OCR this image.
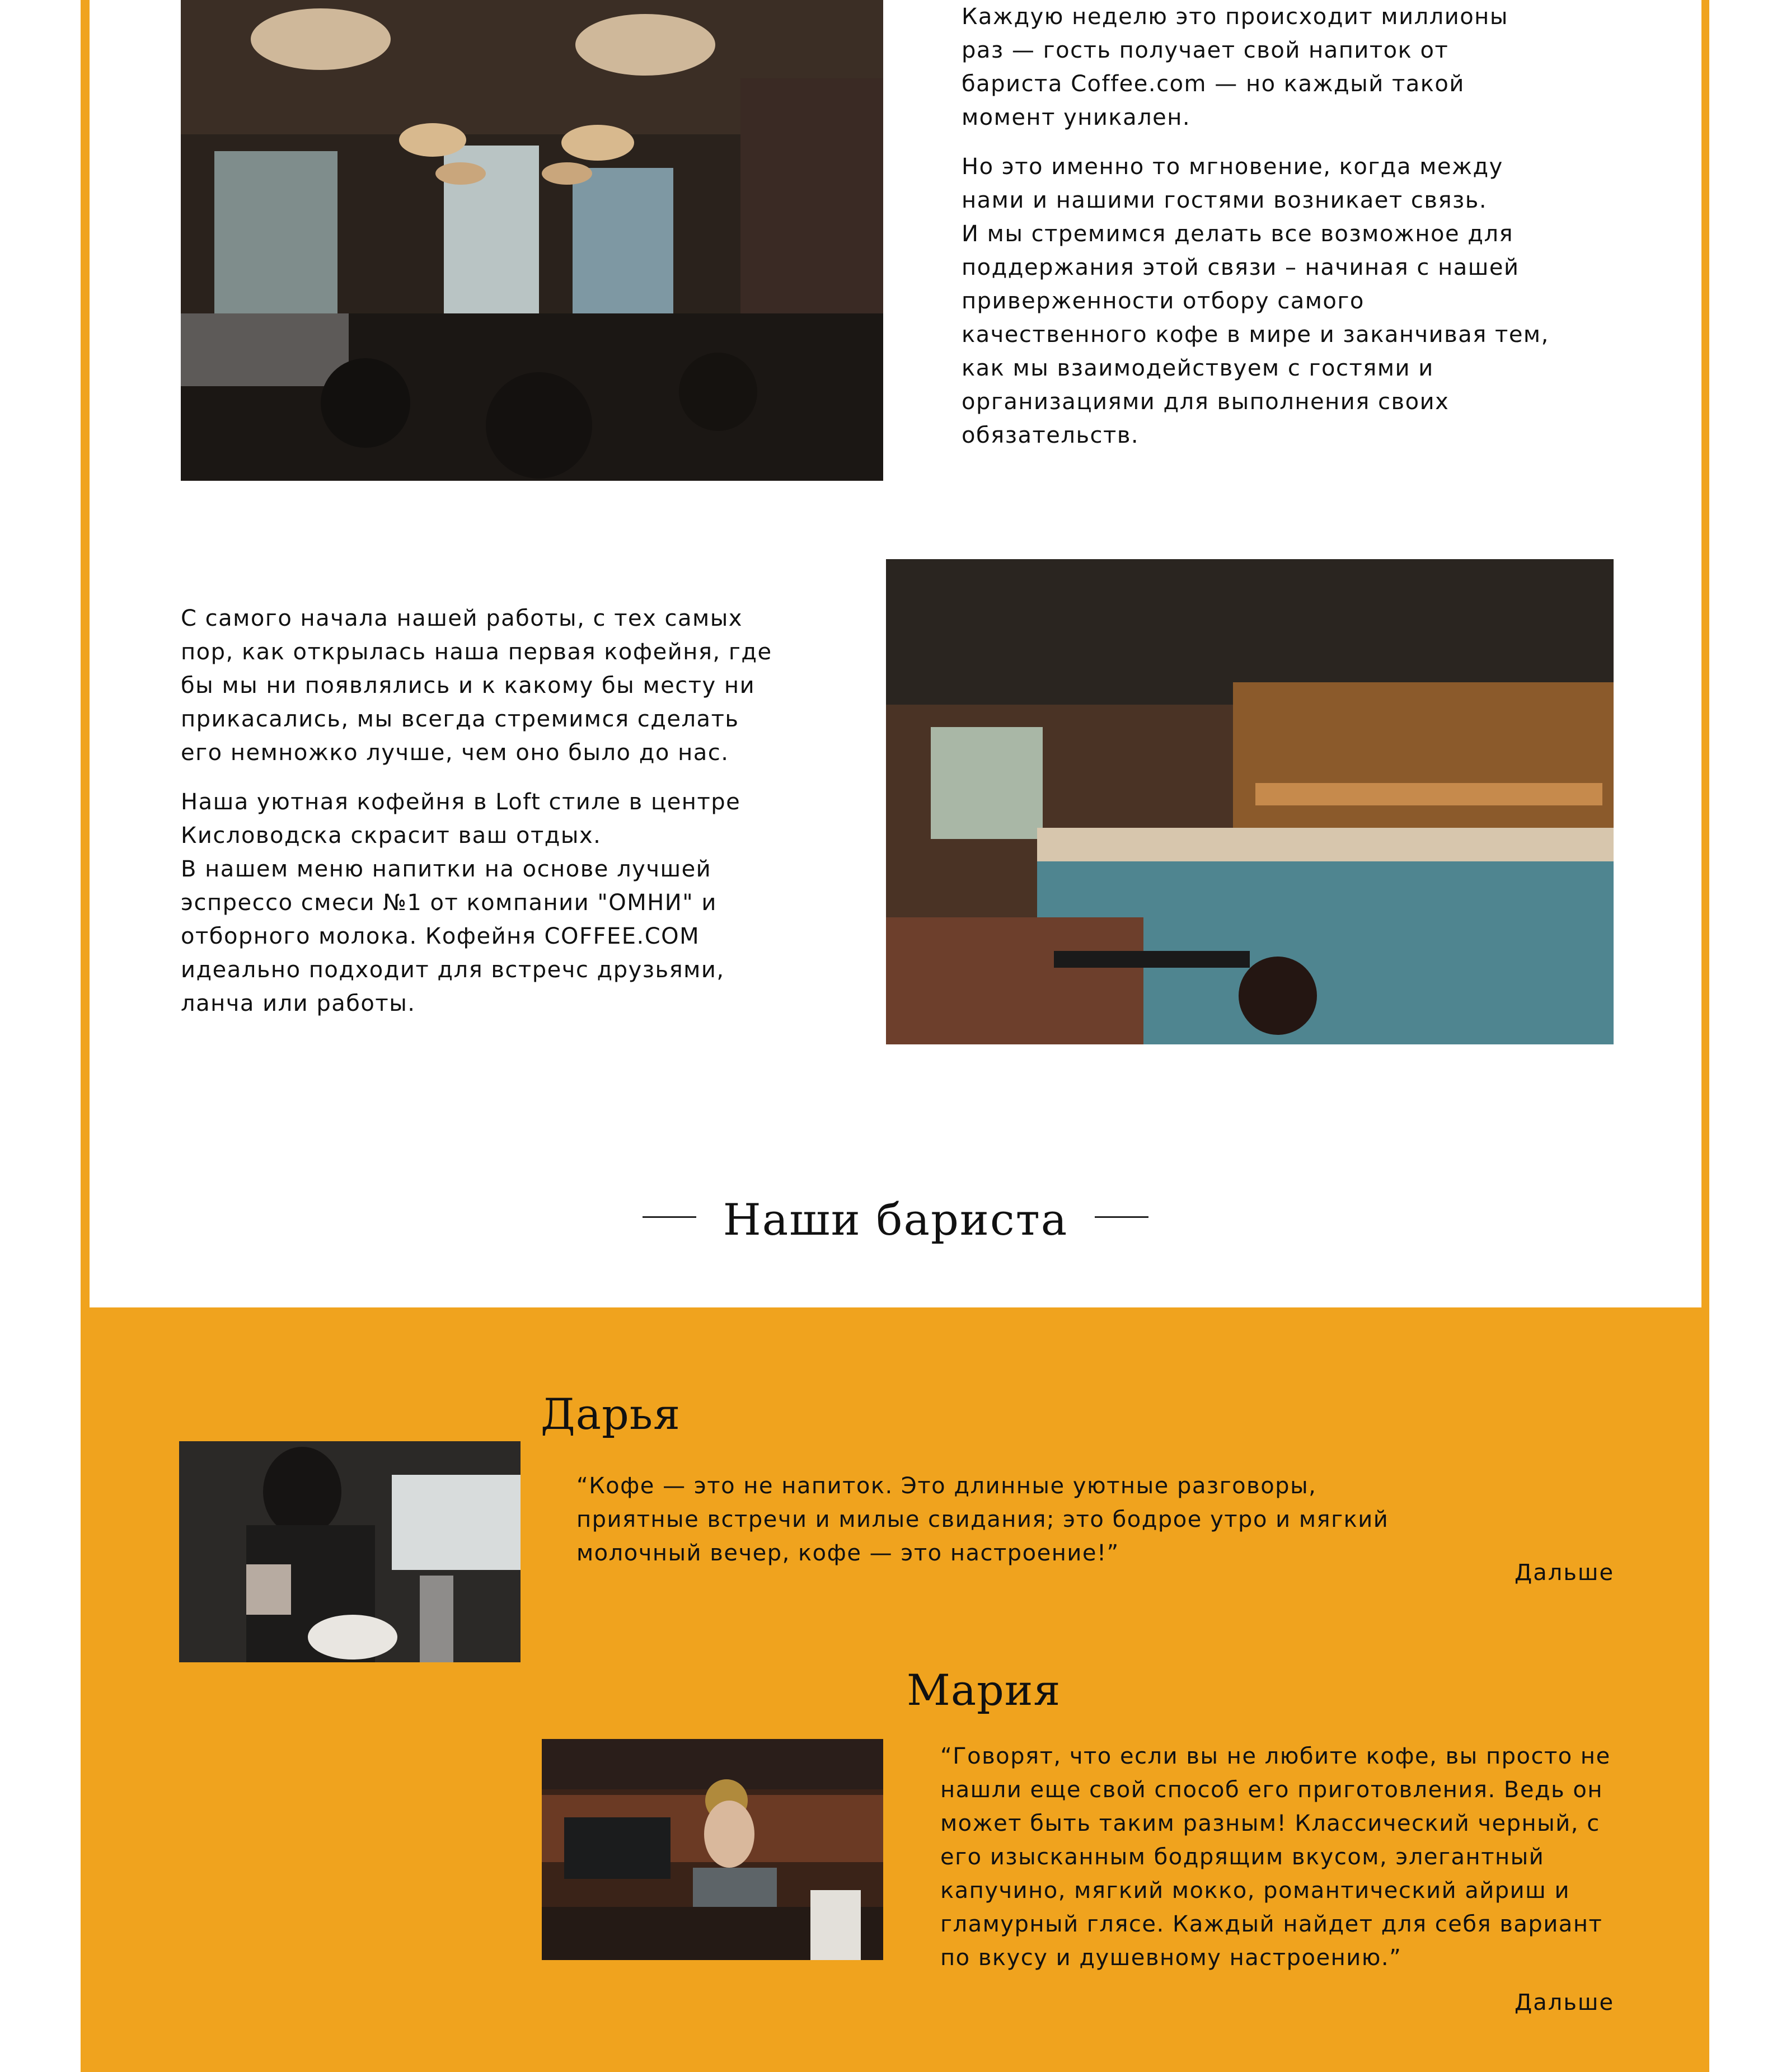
Каждую неделю это происходит миллионы
раз — гость получает свой напиток от
бариста Coffee.com — но каждый такой
момент уникален.

Но это именно то мгновение, когда между
нами и нашими гостями возникает связь.
И мы стремимся делать все возможное для
поддержания этой связи – начиная с нашей
приверженности отбору самого
качественного кофе в мире и заканчивая тем,
как мы взаимодействуем с гостями и
организациями для выполнения своих
обязательств.

С самого начала нашей работы, с тех самых
пор, как открылась наша первая кофейня, где
бы мы ни появлялись и к какому бы месту ни
прикасались, мы всегда стремимся сделать
его немножко лучше, чем оно было до нас.

Наша уютная кофейня в Loft стиле в центре
Кисловодска скрасит ваш отдых.
В нашем меню напитки на основе лучшей
эспрессо смеси №1 от компании "ОМНИ" и
отборного молока. Кофейня COFFEE.COM
идеально подходит для встречс друзьями,
ланча или работы.

Наши бариста
Дарья
“Кофе — это не напиток. Это длинные уютные разговоры,
приятные встречи и милые свидания; это бодрое утро и мягкий
молочный вечер, кофе — это настроение!”
Дальше
Мария
“Говорят, что если вы не любите кофе, вы просто не
нашли еще свой способ его приготовления. Ведь он
может быть таким разным! Классический черный, с
его изысканным бодрящим вкусом, элегантный
капучино, мягкий мокко, романтический айриш и
гламурный глясе. Каждый найдет для себя вариант
по вкусу и душевному настроению.”
Дальше
